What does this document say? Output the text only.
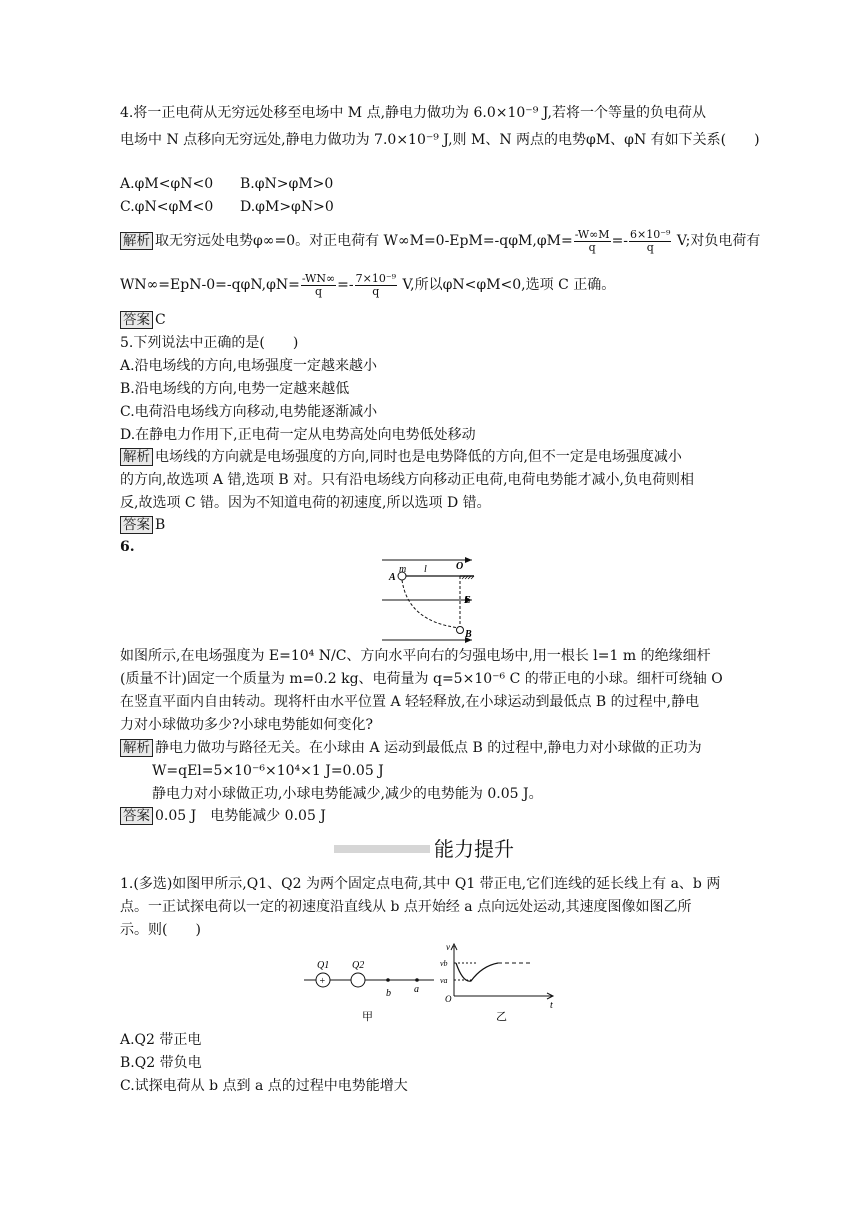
4.将一正电荷从无穷远处移至电场中 M 点,静电力做功为 6.0×10⁻⁹ J,若将一个等量的负电荷从
电场中 N 点移向无穷远处,静电力做功为 7.0×10⁻⁹ J,则 M、N 两点的电势φM、φN 有如下关系(　　)
A.φM<φN<0 B.φN>φM>0
C.φN<φM<0 D.φM>φN>0
解析 取无穷远处电势φ∞=0。对正电荷有 $W\infty M=0-EpM=-q\varphi M,\varphi M= \frac{-W\infty M}{q} =- \frac{\text{6×10⁻⁹}}{q} V$;对负电荷有
$WN\infty=EpN-0=-q\varphi N,\varphi N= \frac{-WN\infty}{q} =- \frac{\text{7×10⁻⁹}}{q} V$,所以φN<φM<0,选项 C 正确。
答案 C
5.下列说法中正确的是(　　)
A.沿电场线的方向,电场强度一定越来越小
B.沿电场线的方向,电势一定越来越低
C.电荷沿电场线方向移动,电势能逐渐减小
D.在静电力作用下,正电荷一定从电势高处向电势低处移动
解析 电场线的方向就是电场强度的方向,同时也是电势降低的方向,但不一定是电场强度减小
的方向,故选项 A 错,选项 B 对。只有沿电场线方向移动正电荷,电荷电势能才减小,负电荷则相
反,故选项 C 错。因为不知道电荷的初速度,所以选项 D 错。
答案 B
6.
m l	O
A
E
B
如图所示,在电场强度为 E=10⁴ N/C、方向水平向右的匀强电场中,用一根长 l=1 m 的绝缘细杆
(质量不计)固定一个质量为 m=0.2 kg、电荷量为 q=5×10⁻⁶ C 的带正电的小球。细杆可绕轴 O
在竖直平面内自由转动。现将杆由水平位置 A 轻轻释放,在小球运动到最低点 B 的过程中,静电
力对小球做功多少?小球电势能如何变化?
解析 静电力做功与路径无关。在小球由 A 运动到最低点 B 的过程中,静电力对小球做的正功为
W=qEl=5×10⁻⁶×10⁴×1 J=0.05 J
静电力对小球做正功,小球电势能减少,减少的电势能为 0.05 J。
答案 0.05 J　电势能减少 0.05 J
能力提升
1.(多选)如图甲所示,Q1、Q2 为两个固定点电荷,其中 Q1 带正电,它们连线的延长线上有 a、b 两
点。一正试探电荷以一定的初速度沿直线从 b 点开始经 a 点向远处运动,其速度图像如图乙所
示。则(　　)
+
Q1 Q2
b a
甲
v
vb
va
O
t
乙
A.Q2 带正电
B.Q2 带负电
C.试探电荷从 b 点到 a 点的过程中电势能增大
